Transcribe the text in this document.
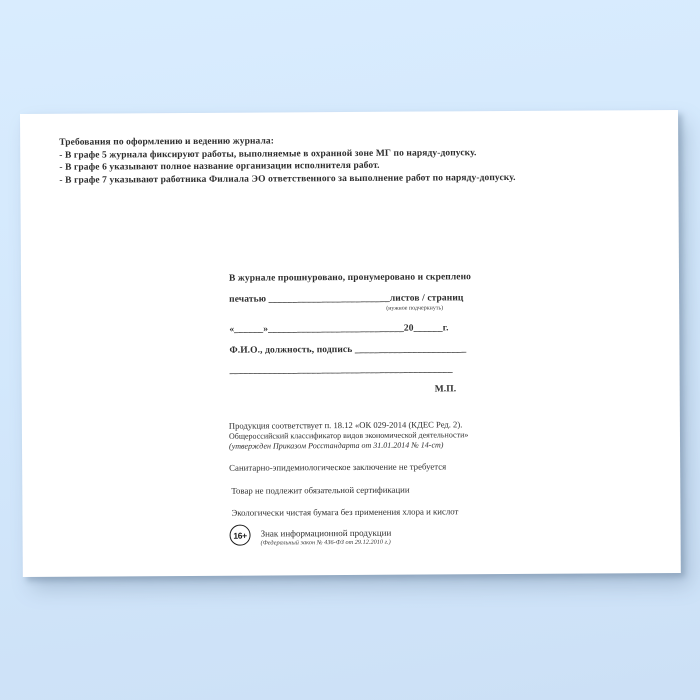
Требования по оформлению и ведению журнала:
- В графе 5 журнала фиксируют работы, выполняемые в охранной зоне МГ по наряду-допуску.
- В графе 6 указывают полное название организации исполнителя работ.
- В графе 7 указывают работника Филиала ЭО ответственного за выполнение работ по наряду-допуску.
В журнале прошнуровано, пронумеровано и скреплено
печатью _________________________листов / страниц
(нужное подчеркнуть)
«______»____________________________20______г.
Ф.И.О., должность, подпись _______________________
______________________________________________
М.П.
Продукция соответствует п. 18.12 «ОК 029-2014 (КДЕС Ред. 2).
Общероссийский классификатор видов экономической деятельности»
(утвержден Приказом Росстандарта от 31.01.2014 № 14-ст)
Санитарно-эпидемиологическое заключение не требуется
Товар не подлежит обязательной сертификации
Экологически чистая бумага без применения хлора и кислот
16+	Знак информационной продукции
(Федеральный закон № 436-ФЗ от 29.12.2010 г.)
